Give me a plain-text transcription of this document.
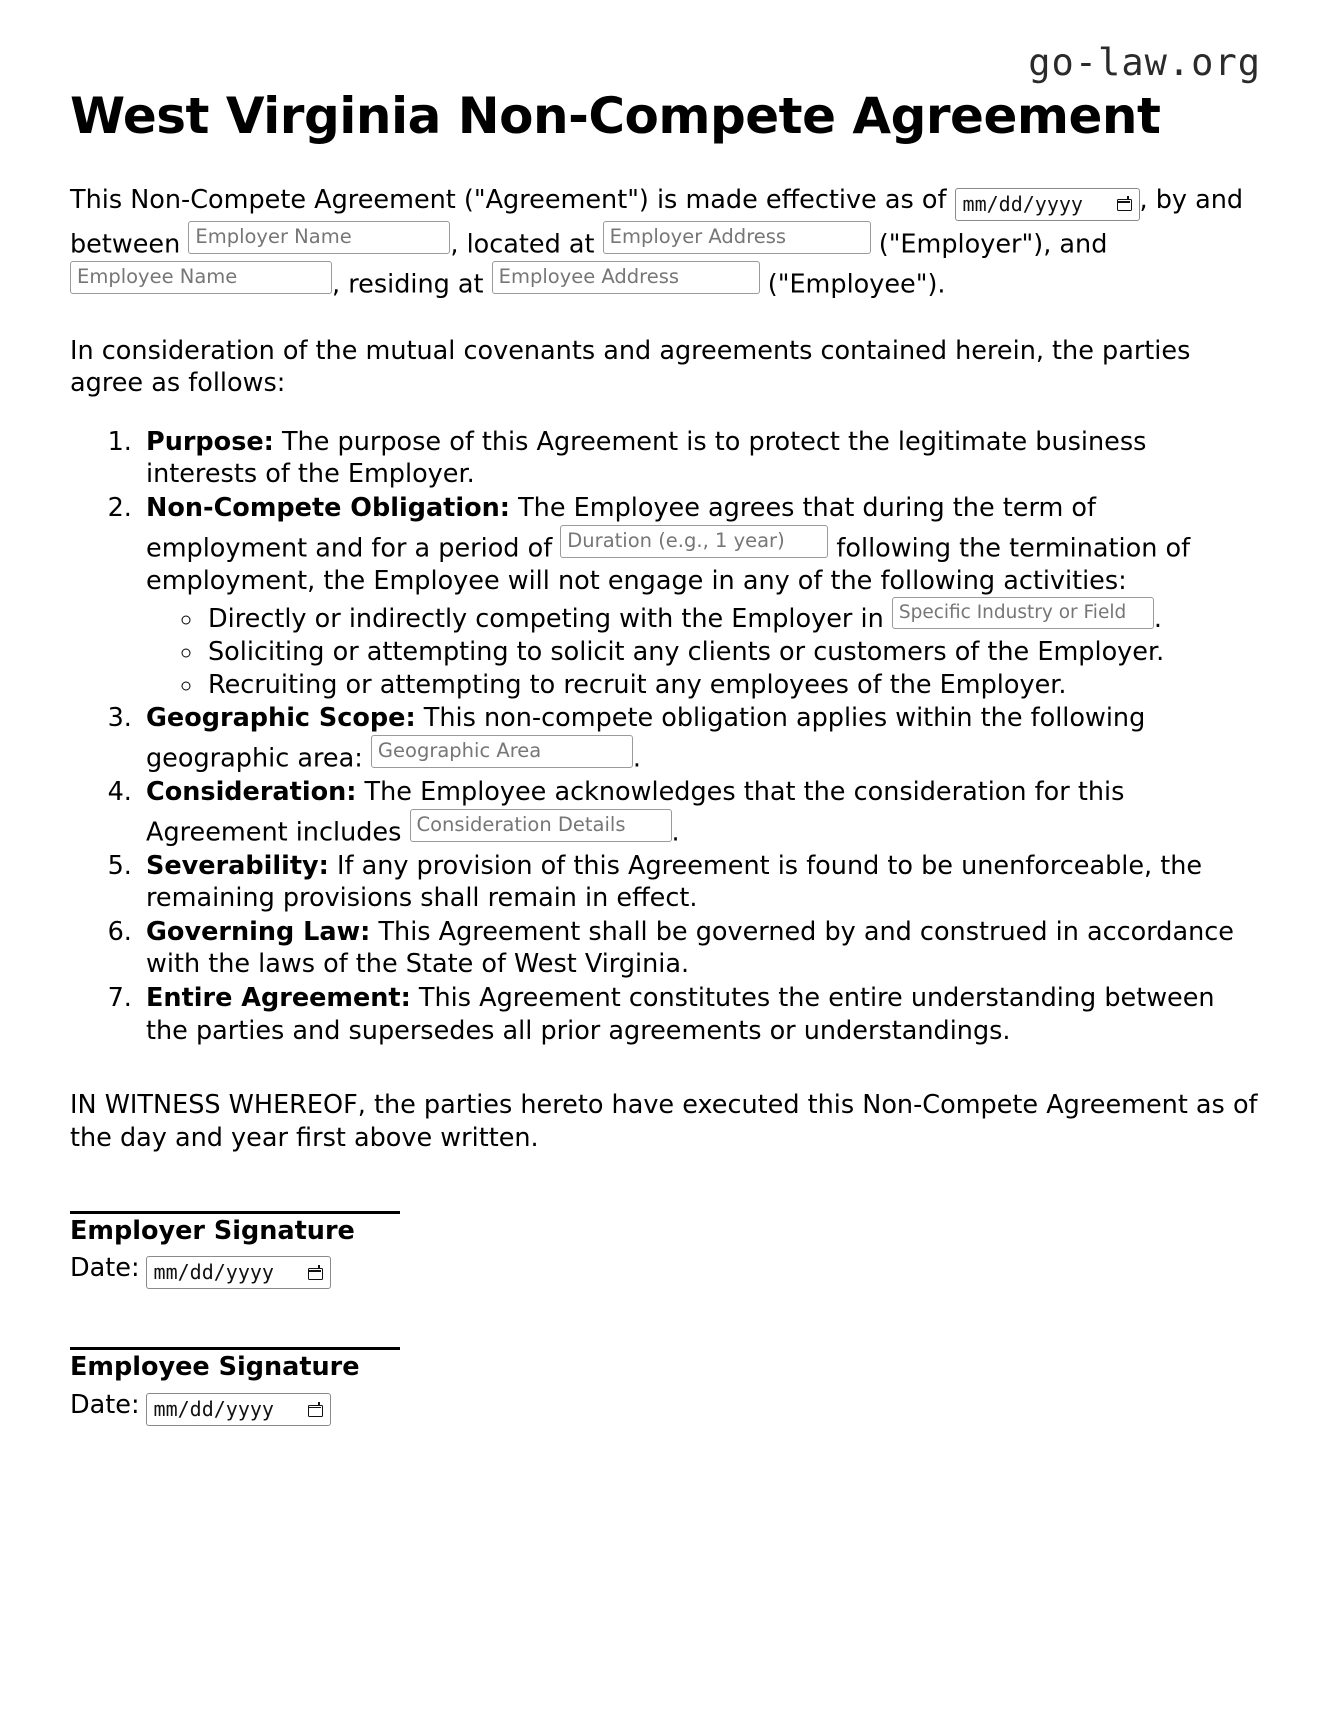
go-law.org
West Virginia Non-Compete Agreement

This Non-Compete Agreement ("Agreement") is made effective as of mm/dd/yyyy , by and between Employer Name	, located at Employer Address	("Employer"), and Employee Name	, residing at Employee Address	("Employee").

In consideration of the mutual covenants and agreements contained herein, the parties agree as follows:

1. Purpose: The purpose of this Agreement is to protect the legitimate business interests of the Employer.
2. Non-Compete Obligation: The Employee agrees that during the term of employment and for a period of Duration (e.g., 1 year) following the termination of employment, the Employee will not engage in any of the following activities:
◦ Directly or indirectly competing with the Employer in Specific Industry or Field .
◦ Soliciting or attempting to solicit any clients or customers of the Employer.
◦ Recruiting or attempting to recruit any employees of the Employer.
3. Geographic Scope: This non-compete obligation applies within the following geographic area: Geographic Area	.
4. Consideration: The Employee acknowledges that the consideration for this Agreement includes Consideration Details .
5. Severability: If any provision of this Agreement is found to be unenforceable, the remaining provisions shall remain in effect.
6. Governing Law: This Agreement shall be governed by and construed in accordance with the laws of the State of West Virginia.
7. Entire Agreement: This Agreement constitutes the entire understanding between the parties and supersedes all prior agreements or understandings.

IN WITNESS WHEREOF, the parties hereto have executed this Non-Compete Agreement as of the day and year first above written.

Employer Signature
Date: mm/dd/yyyy
Employee Signature
Date: mm/dd/yyyy
